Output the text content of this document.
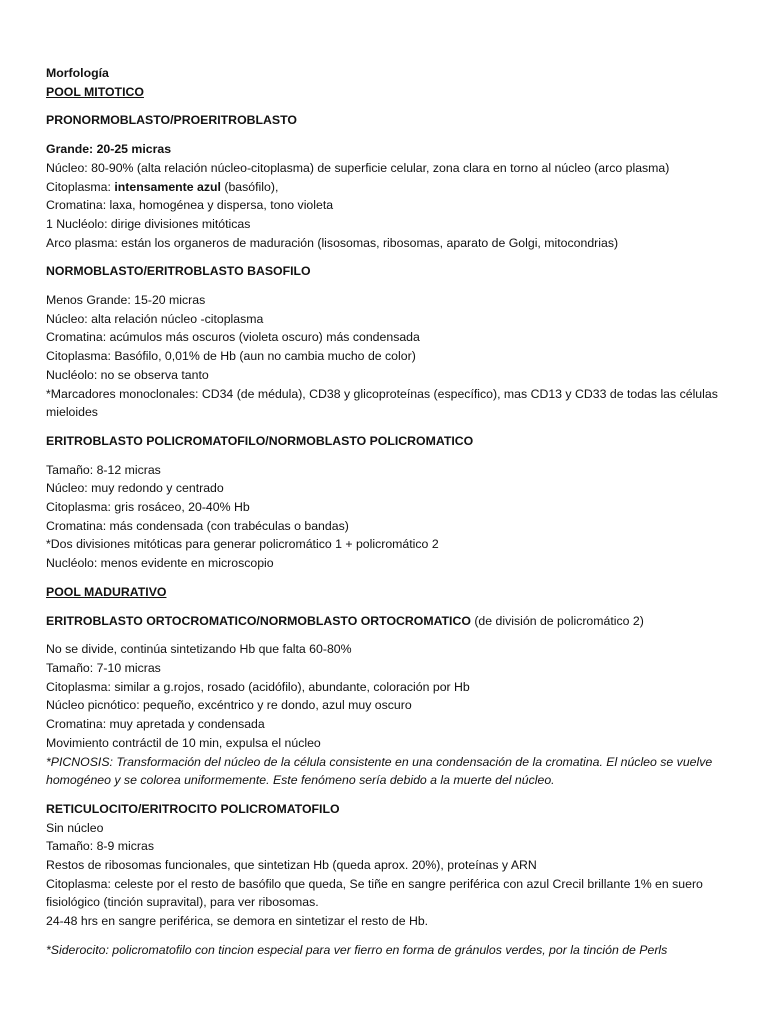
Morfología

POOL MITOTICO

PRONORMOBLASTO/PROERITROBLASTO

Grande: 20-25 micras

Núcleo: 80-90% (alta relación núcleo-citoplasma) de superficie celular, zona clara en torno al núcleo (arco plasma)

Citoplasma: intensamente azul (basófilo),

Cromatina: laxa, homogénea y dispersa, tono violeta

1 Nucléolo: dirige divisiones mitóticas

Arco plasma: están los organeros de maduración (lisosomas, ribosomas, aparato de Golgi, mitocondrias)

NORMOBLASTO/ERITROBLASTO BASOFILO

Menos Grande: 15-20 micras

Núcleo: alta relación núcleo -citoplasma

Cromatina: acúmulos más oscuros (violeta oscuro) más condensada

Citoplasma: Basófilo, 0,01% de Hb (aun no cambia mucho de color)

Nucléolo: no se observa tanto

*Marcadores monoclonales: CD34 (de médula), CD38 y glicoproteínas (específico), mas CD13 y CD33 de todas las células mieloides

ERITROBLASTO POLICROMATOFILO/NORMOBLASTO POLICROMATICO

Tamaño: 8-12 micras

Núcleo: muy redondo y centrado

Citoplasma: gris rosáceo, 20-40% Hb

Cromatina: más condensada (con trabéculas o bandas)

*Dos divisiones mitóticas para generar policromático 1 + policromático 2

Nucléolo: menos evidente en microscopio

POOL MADURATIVO

ERITROBLASTO ORTOCROMATICO/NORMOBLASTO ORTOCROMATICO (de división de policromático 2)

No se divide, continúa sintetizando Hb que falta 60-80%

Tamaño: 7-10 micras

Citoplasma: similar a g.rojos, rosado (acidófilo), abundante, coloración por Hb

Núcleo picnótico: pequeño, excéntrico y re dondo, azul muy oscuro

Cromatina: muy apretada y condensada

Movimiento contráctil de 10 min, expulsa el núcleo

*PICNOSIS: Transformación del núcleo de la célula consistente en una condensación de la cromatina. El núcleo se vuelve homogéneo y se colorea uniformemente. Este fenómeno sería debido a la muerte del núcleo.

RETICULOCITO/ERITROCITO POLICROMATOFILO

Sin núcleo

Tamaño: 8-9 micras

Restos de ribosomas funcionales, que sintetizan Hb (queda aprox. 20%), proteínas y ARN

Citoplasma: celeste por el resto de basófilo que queda, Se tiñe en sangre periférica con azul Crecil brillante 1% en suero fisiológico (tinción supravital), para ver ribosomas.

24-48 hrs en sangre periférica, se demora en sintetizar el resto de Hb.

*Siderocito: policromatofilo con tincion especial para ver fierro en forma de gránulos verdes, por la tinción de Perls
